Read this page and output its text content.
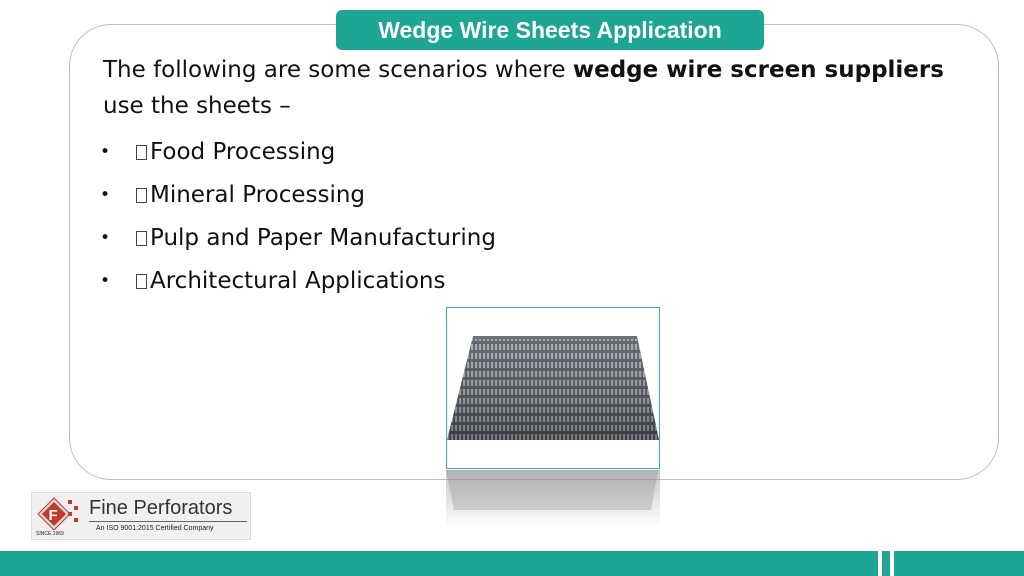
Wedge Wire Sheets Application

The following are some scenarios where wedge wire screen suppliers use the sheets –

•	Food Processing
•	Mineral Processing
•	Pulp and Paper Manufacturing
•	Architectural Applications
F
SINCE 1969
Fine Perforators
An ISO 9001:2015 Certified Company
